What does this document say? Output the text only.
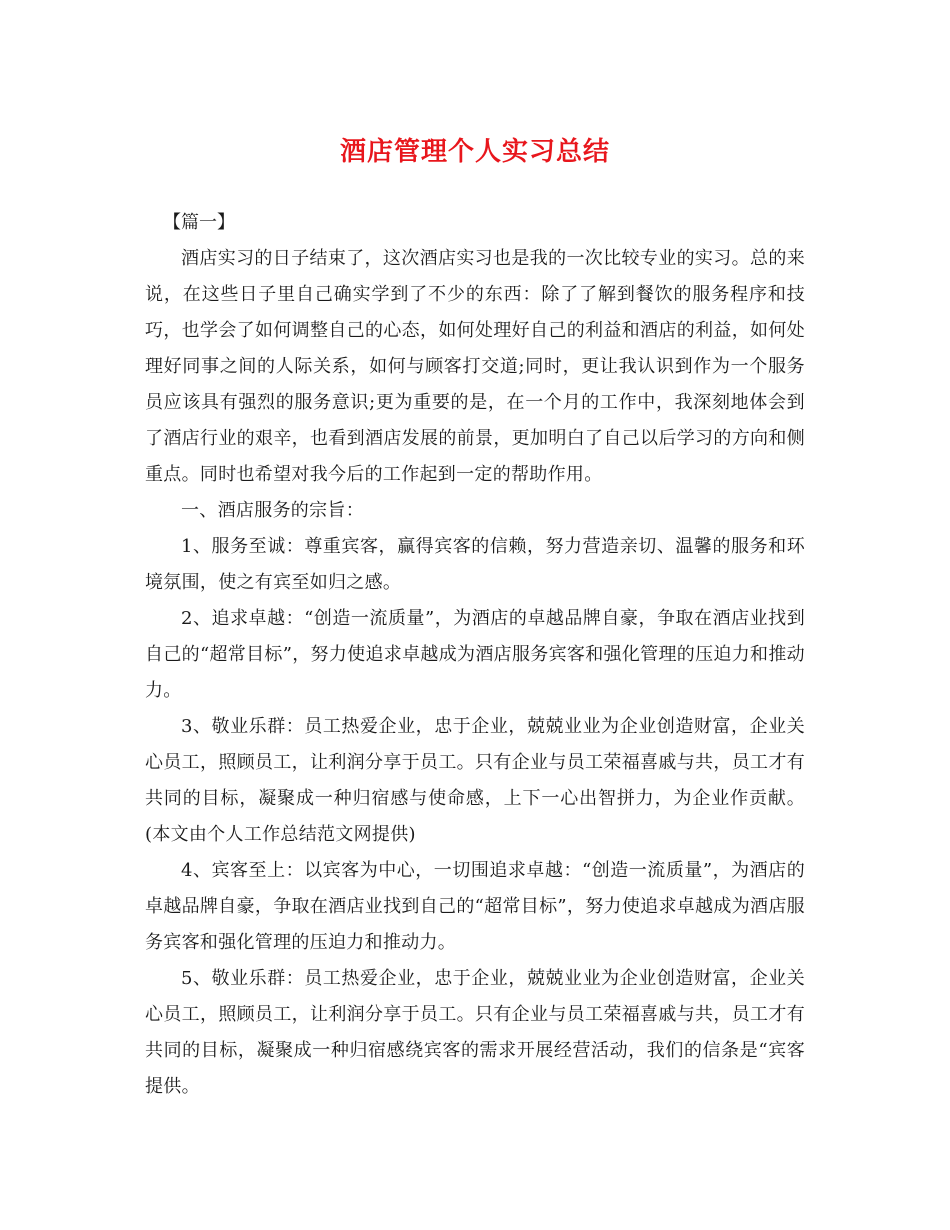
酒店管理个人实习总结

【篇一】

酒店实习的日子结束了，这次酒店实习也是我的一次比较专业的实习。总的来说，在这些日子里自己确实学到了不少的东西：除了了解到餐饮的服务程序和技巧，也学会了如何调整自己的心态，如何处理好自己的利益和酒店的利益，如何处理好同事之间的人际关系，如何与顾客打交道;同时，更让我认识到作为一个服务员应该具有强烈的服务意识;更为重要的是，在一个月的工作中，我深刻地体会到了酒店行业的艰辛，也看到酒店发展的前景，更加明白了自己以后学习的方向和侧重点。同时也希望对我今后的工作起到一定的帮助作用。

一、酒店服务的宗旨：

1、服务至诚：尊重宾客，赢得宾客的信赖，努力营造亲切、温馨的服务和环境氛围，使之有宾至如归之感。

2、追求卓越：“创造一流质量”，为酒店的卓越品牌自豪，争取在酒店业找到自己的“超常目标”，努力使追求卓越成为酒店服务宾客和强化管理的压迫力和推动力。

3、敬业乐群：员工热爱企业，忠于企业，兢兢业业为企业创造财富，企业关心员工，照顾员工，让利润分享于员工。只有企业与员工荣福喜戚与共，员工才有共同的目标，凝聚成一种归宿感与使命感，上下一心出智拼力，为企业作贡献。(本文由个人工作总结范文网提供)

4、宾客至上：以宾客为中心，一切围追求卓越：“创造一流质量”，为酒店的卓越品牌自豪，争取在酒店业找到自己的“超常目标”，努力使追求卓越成为酒店服务宾客和强化管理的压迫力和推动力。

5、敬业乐群：员工热爱企业，忠于企业，兢兢业业为企业创造财富，企业关心员工，照顾员工，让利润分享于员工。只有企业与员工荣福喜戚与共，员工才有共同的目标，凝聚成一种归宿感绕宾客的需求开展经营活动，我们的信条是“宾客提供。
